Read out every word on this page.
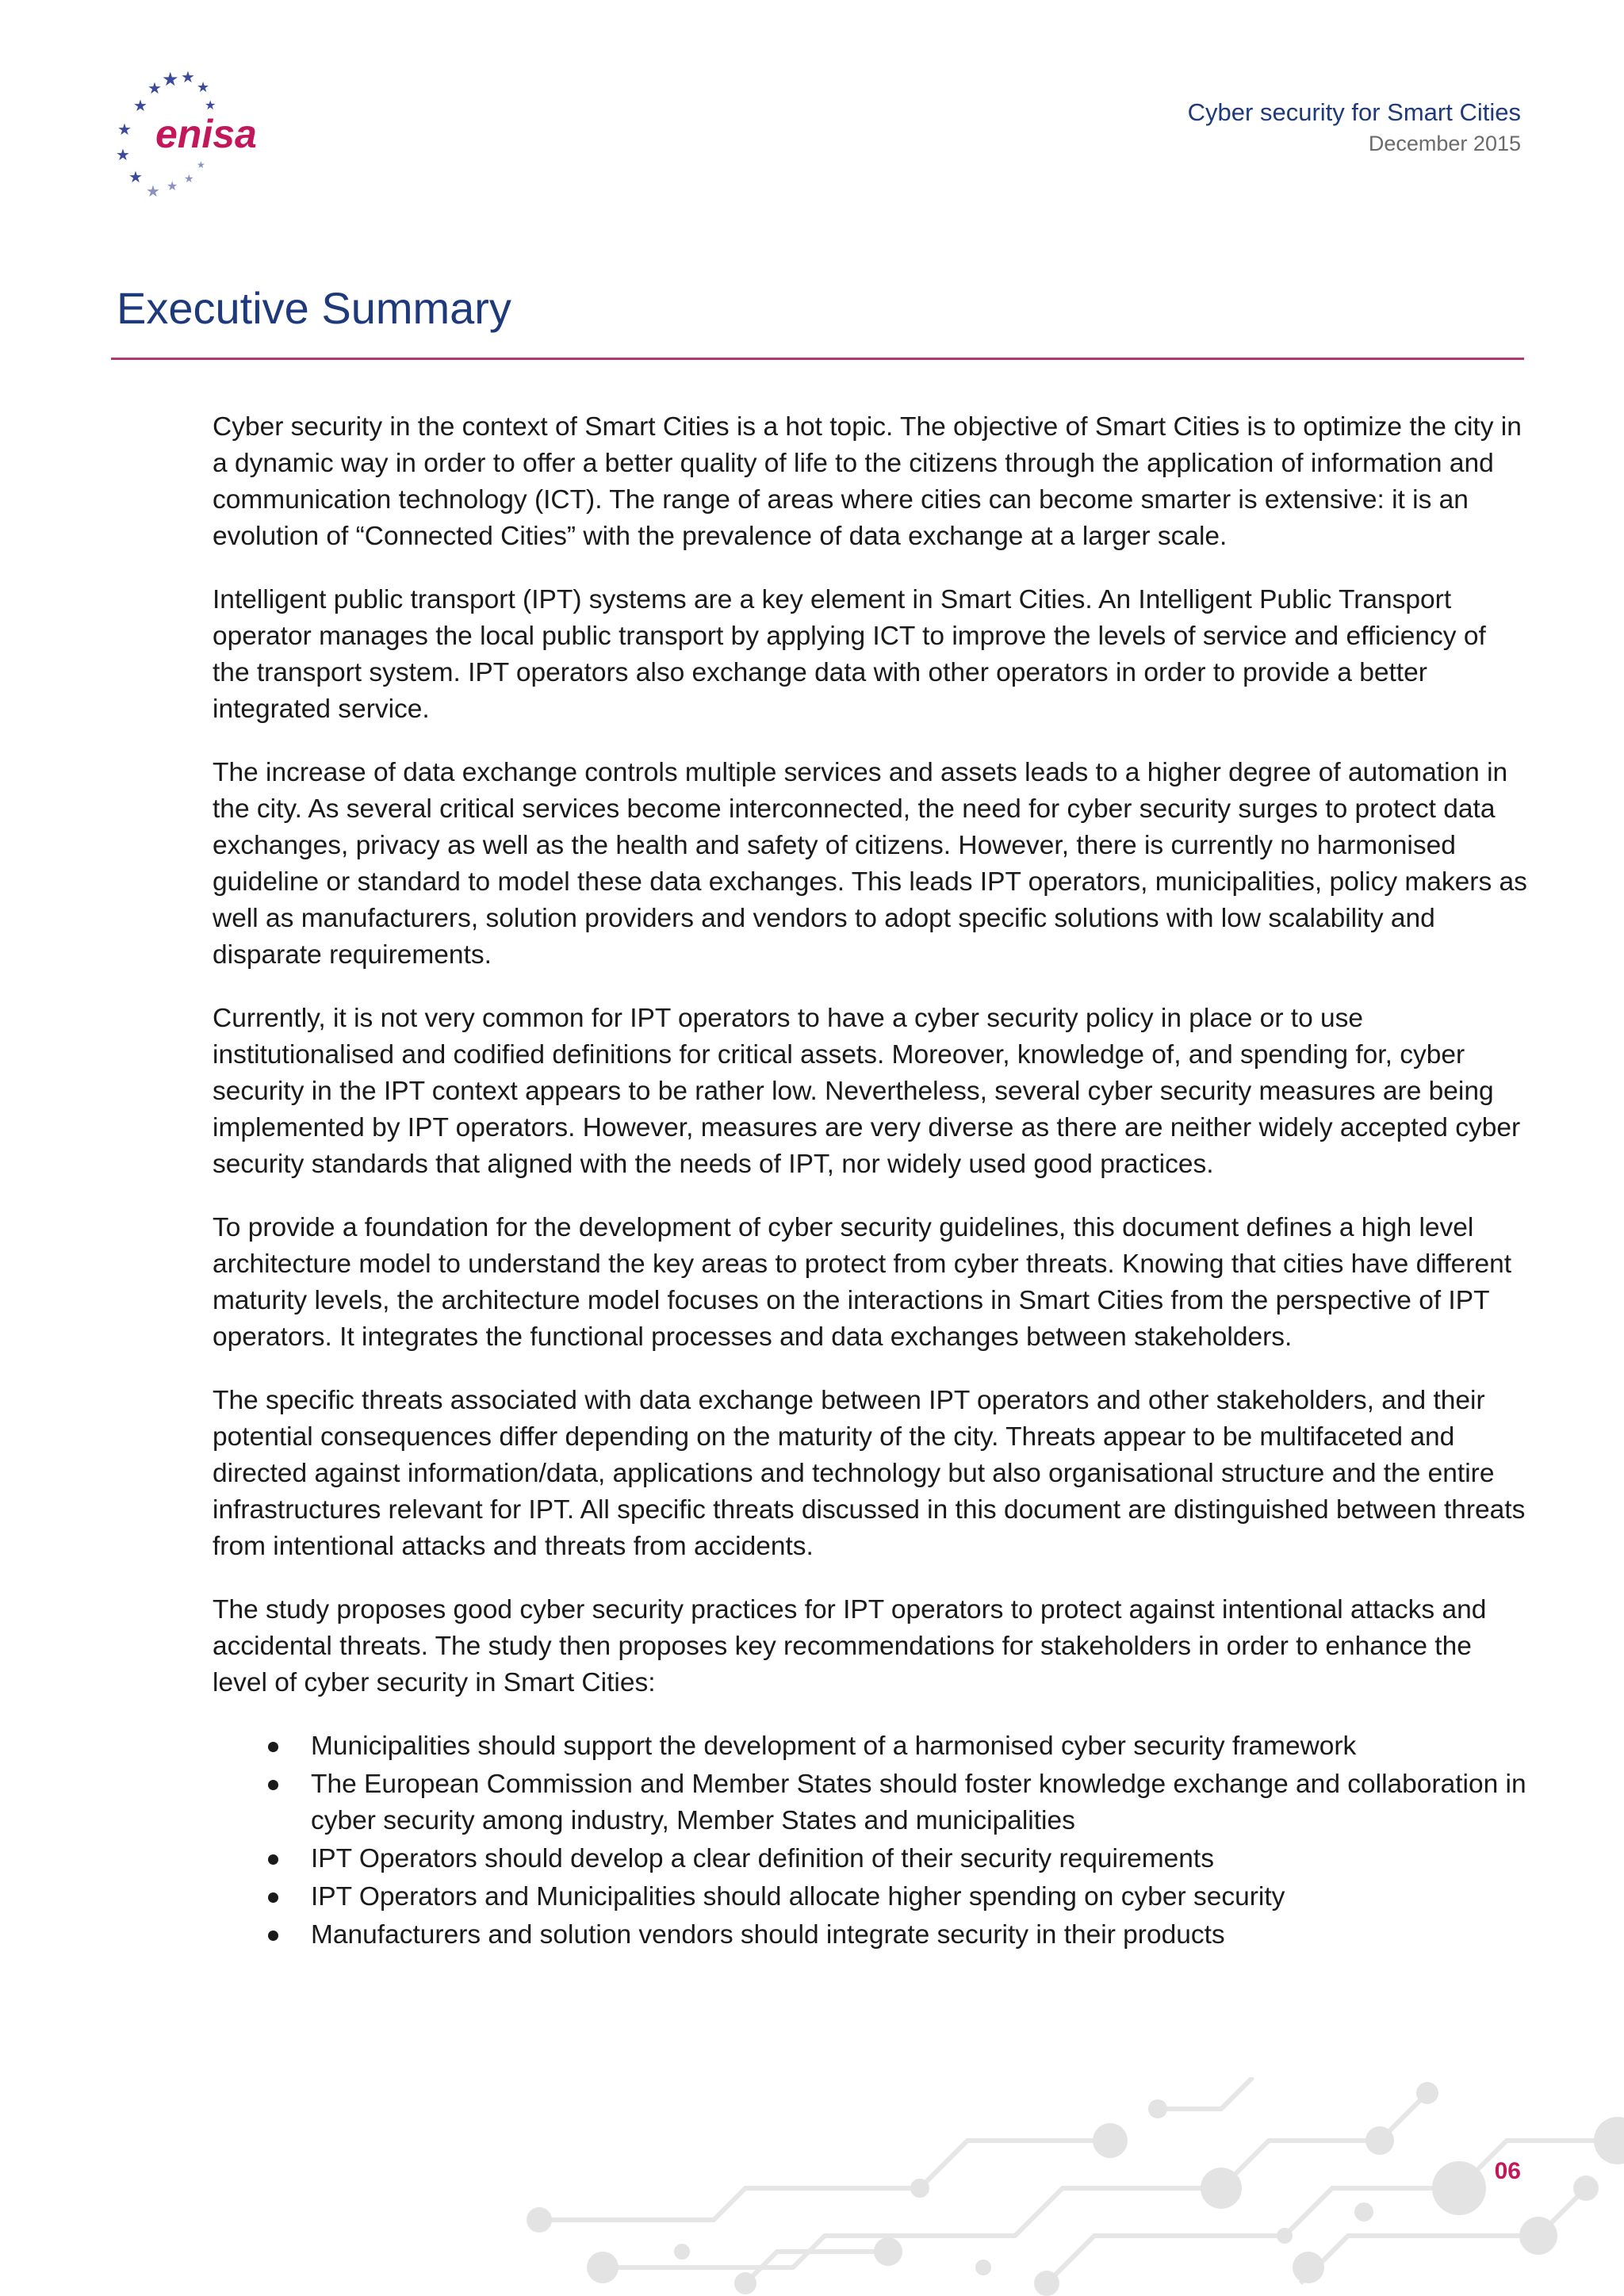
★
★
★
★
★	★
★
★
★
★ ★ ★
★
enisa	Cyber security for Smart Cities
December 2015
Executive Summary

Cyber security in the context of Smart Cities is a hot topic. The objective of Smart Cities is to optimize the city in a dynamic way in order to offer a better quality of life to the citizens through the application of information and communication technology (ICT). The range of areas where cities can become smarter is extensive: it is an evolution of “Connected Cities” with the prevalence of data exchange at a larger scale.

Intelligent public transport (IPT) systems are a key element in Smart Cities. An Intelligent Public Transport operator manages the local public transport by applying ICT to improve the levels of service and efficiency of the transport system. IPT operators also exchange data with other operators in order to provide a better integrated service.

The increase of data exchange controls multiple services and assets leads to a higher degree of automation in the city. As several critical services become interconnected, the need for cyber security surges to protect data exchanges, privacy as well as the health and safety of citizens. However, there is currently no harmonised guideline or standard to model these data exchanges. This leads IPT operators, municipalities, policy makers as well as manufacturers, solution providers and vendors to adopt specific solutions with low scalability and disparate requirements.

Currently, it is not very common for IPT operators to have a cyber security policy in place or to use institutionalised and codified definitions for critical assets. Moreover, knowledge of, and spending for, cyber security in the IPT context appears to be rather low. Nevertheless, several cyber security measures are being implemented by IPT operators. However, measures are very diverse as there are neither widely accepted cyber security standards that aligned with the needs of IPT, nor widely used good practices.

To provide a foundation for the development of cyber security guidelines, this document defines a high level architecture model to understand the key areas to protect from cyber threats. Knowing that cities have different maturity levels, the architecture model focuses on the interactions in Smart Cities from the perspective of IPT operators. It integrates the functional processes and data exchanges between stakeholders.

The specific threats associated with data exchange between IPT operators and other stakeholders, and their potential consequences differ depending on the maturity of the city. Threats appear to be multifaceted and directed against information/data, applications and technology but also organisational structure and the entire infrastructures relevant for IPT. All specific threats discussed in this document are distinguished between threats from intentional attacks and threats from accidents.

The study proposes good cyber security practices for IPT operators to protect against intentional attacks and accidental threats. The study then proposes key recommendations for stakeholders in order to enhance the level of cyber security in Smart Cities:

Municipalities should support the development of a harmonised cyber security framework
The European Commission and Member States should foster knowledge exchange and collaboration in cyber security among industry, Member States and municipalities
IPT Operators should develop a clear definition of their security requirements
IPT Operators and Municipalities should allocate higher spending on cyber security
Manufacturers and solution vendors should integrate security in their products
06
